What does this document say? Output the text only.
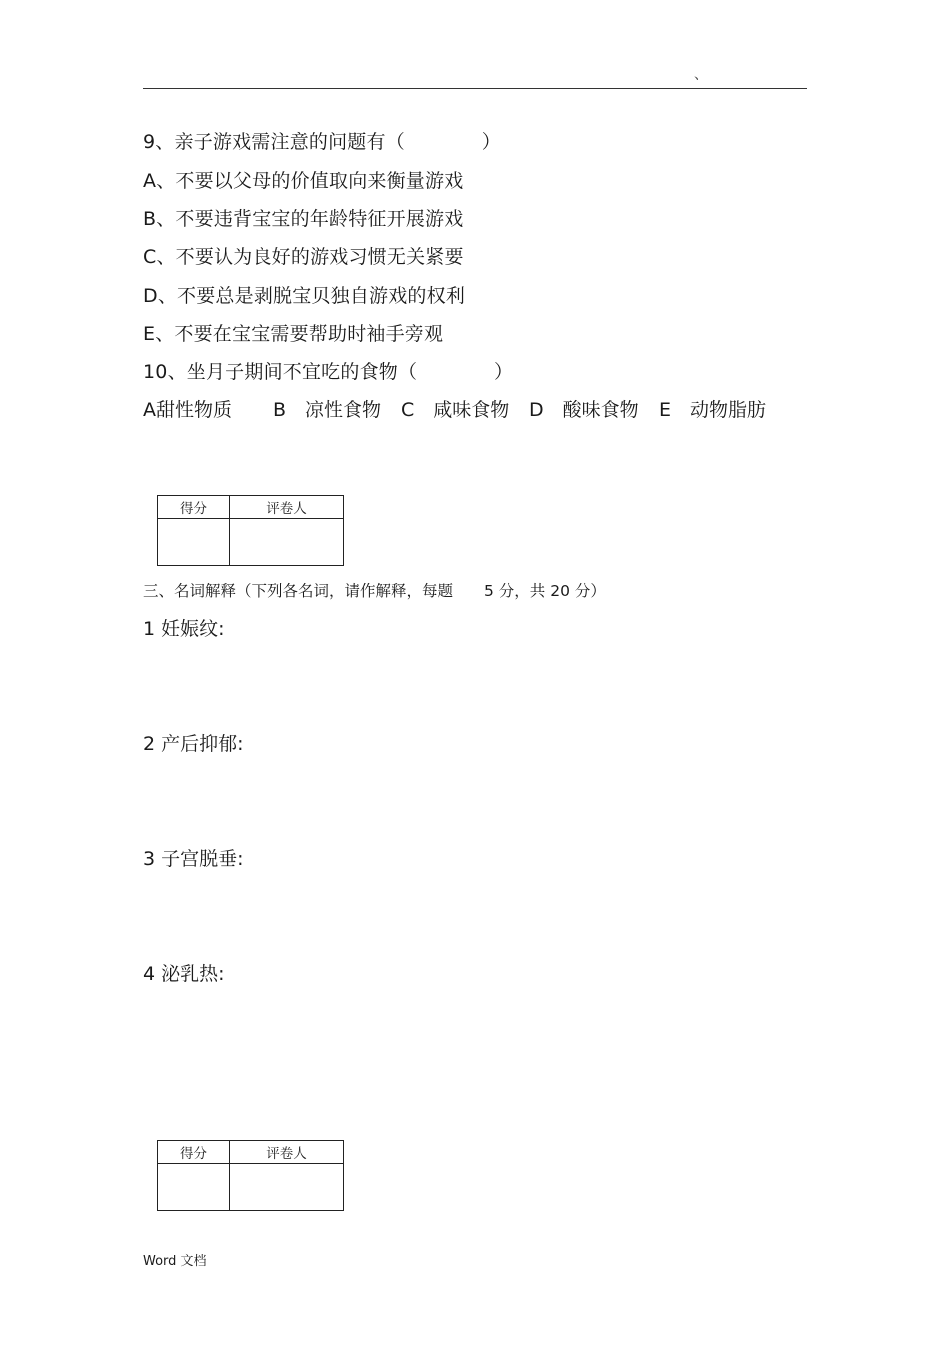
、
9、亲子游戏需注意的问题有（　　　　）
A、不要以父母的价值取向来衡量游戏
B、不要违背宝宝的年龄特征开展游戏
C、不要认为良好的游戏习惯无关紧要
D、不要总是剥脱宝贝独自游戏的权利
E、不要在宝宝需要帮助时袖手旁观
10、坐月子期间不宜吃的食物（　　　　）
A甜性物质 B　凉性食物 C　咸味食物 D　酸味食物 E　动物脂肪
得分	评卷人

三、名词解释（下列各名词，请作解释，每题　　5 分，共 20 分）
1 妊娠纹:
2 产后抑郁:
3 子宫脱垂:
4 泌乳热:
得分	评卷人

Word 文档
